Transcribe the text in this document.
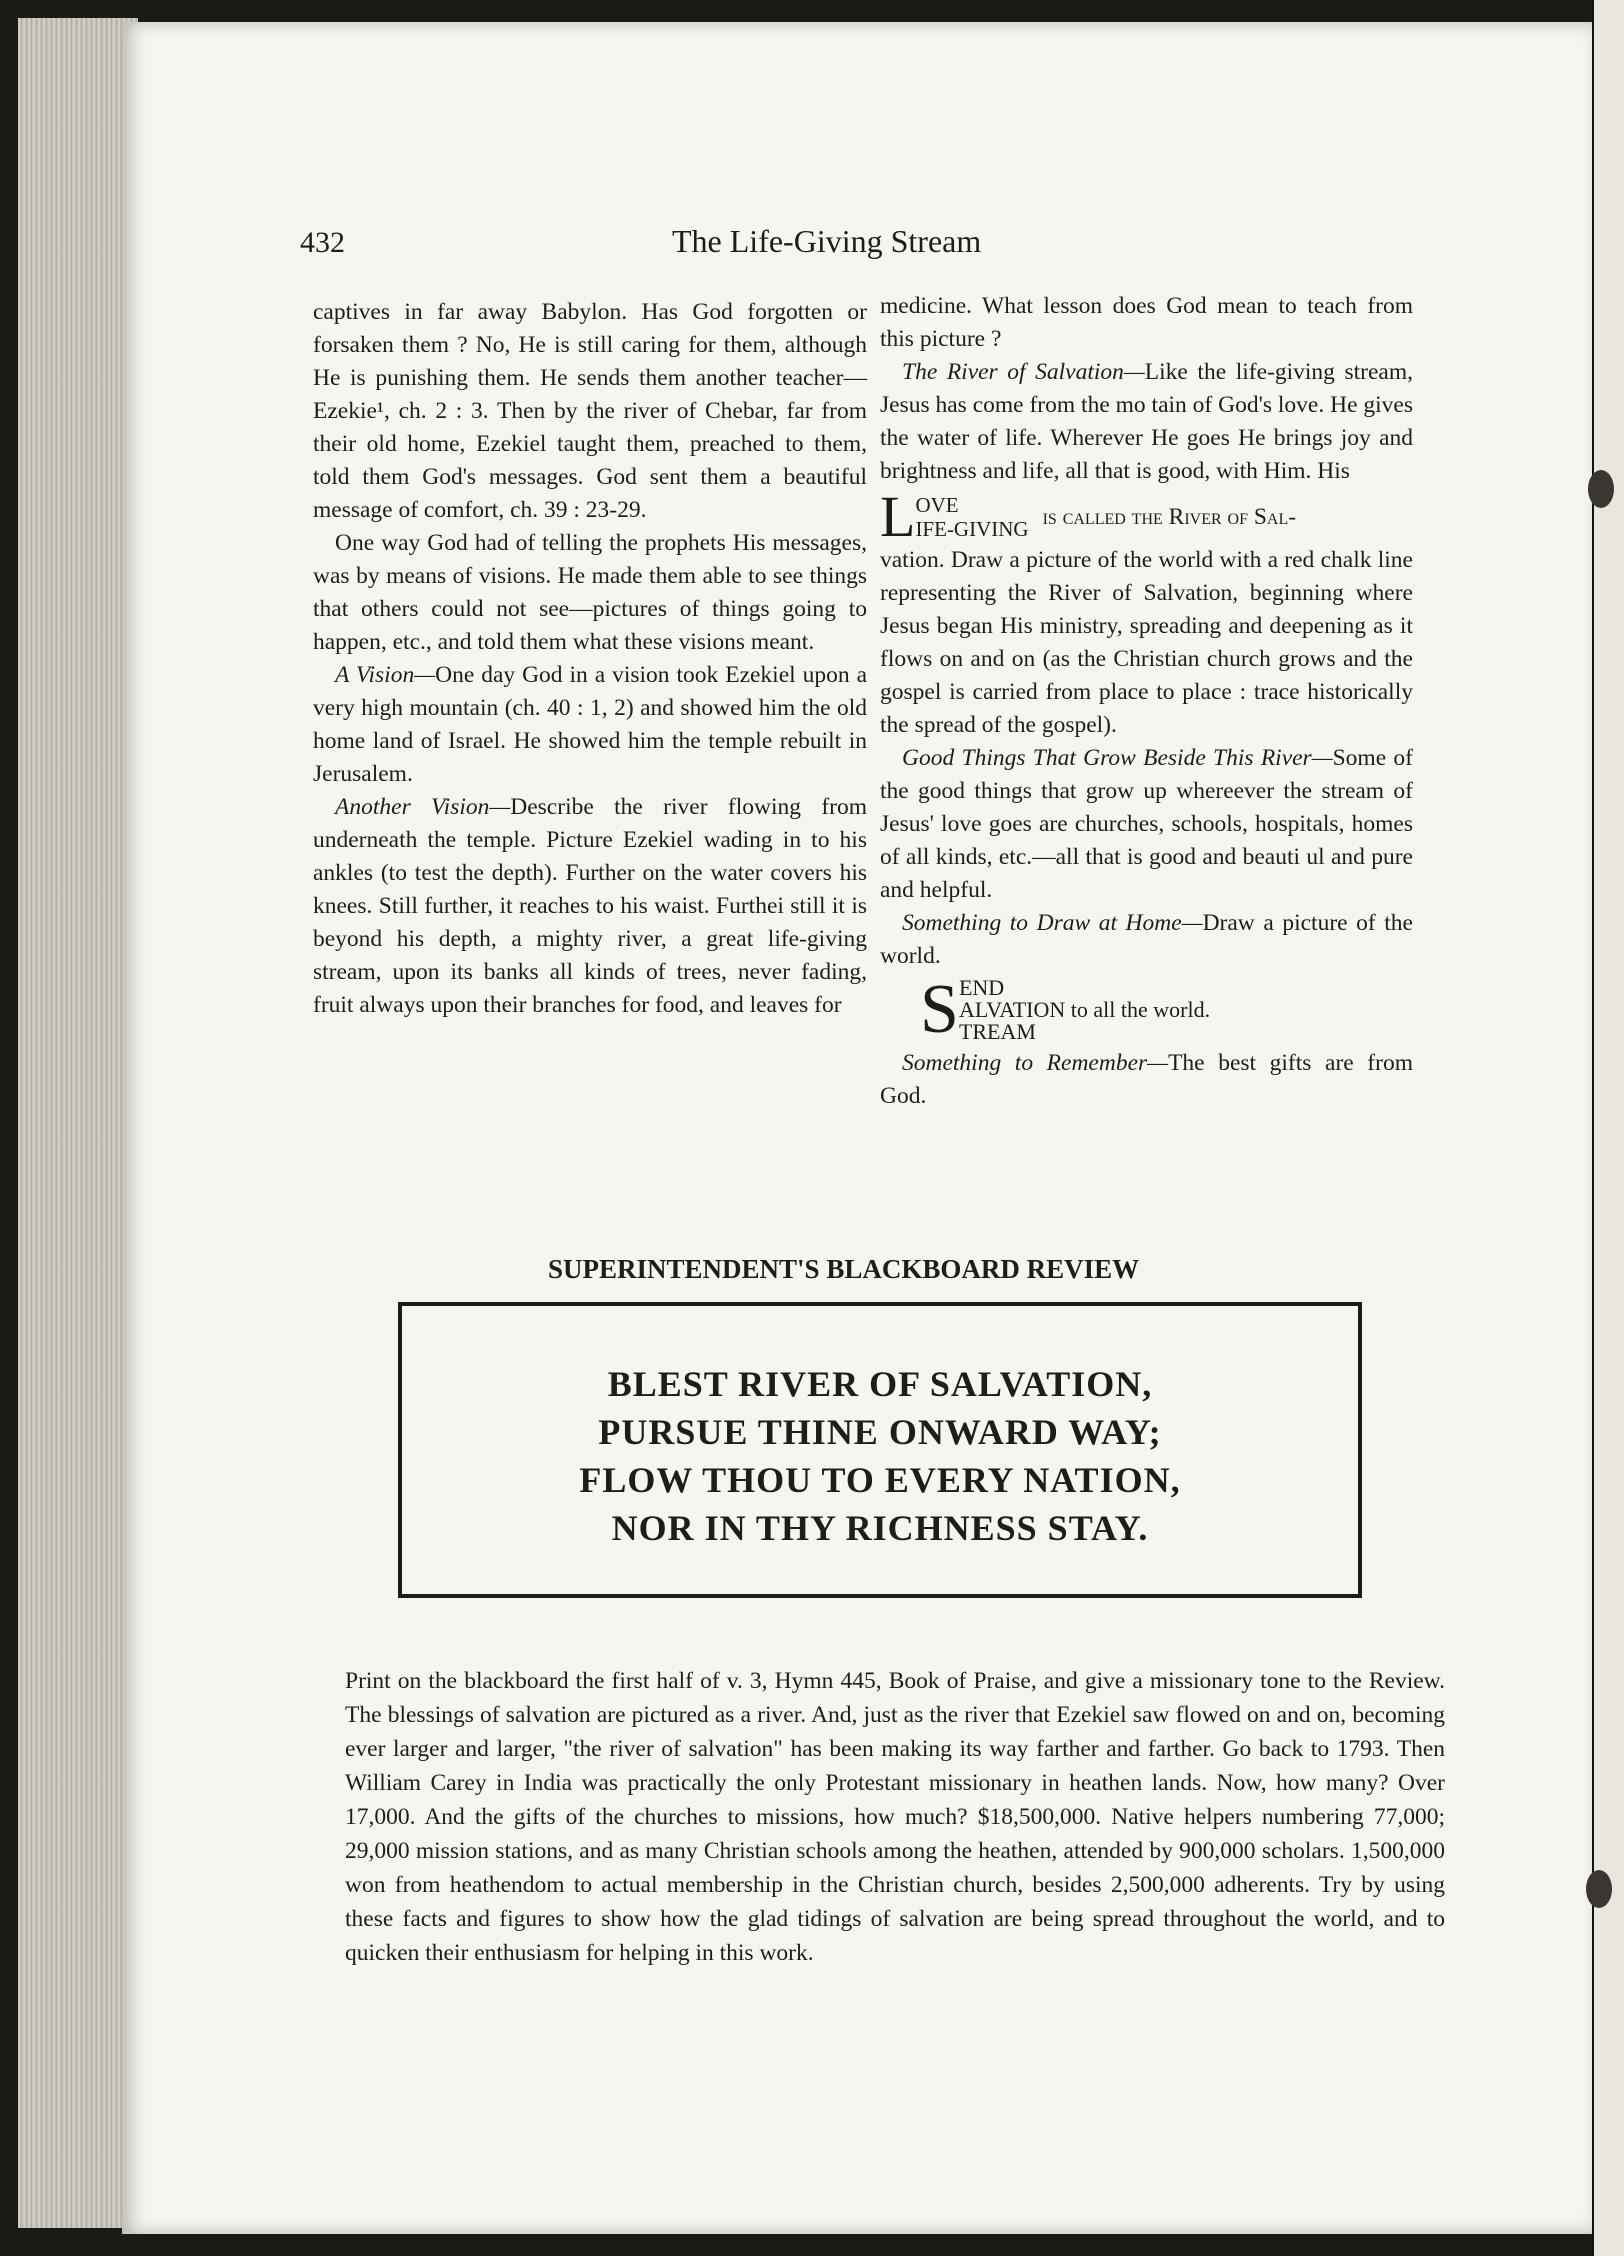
432	The Life-Giving Stream

captives in far away Babylon. Has God forgotten or forsaken them ? No, He is still caring for them, although He is punishing them. He sends them another teacher—Ezekie¹, ch. 2 : 3. Then by the river of Chebar, far from their old home, Ezekiel taught them, preached to them, told them God's messages. God sent them a beautiful message of comfort, ch. 39 : 23-29.

One way God had of telling the prophets His messages, was by means of visions. He made them able to see things that others could not see—pictures of things going to happen, etc., and told them what these visions meant.

A Vision—One day God in a vision took Ezekiel upon a very high mountain (ch. 40 : 1, 2) and showed him the old home land of Israel. He showed him the temple rebuilt in Jerusalem.

Another Vision—Describe the river flowing from underneath the temple. Picture Ezekiel wading in to his ankles (to test the depth). Further on the water covers his knees. Still further, it reaches to his waist. Furthei still it is beyond his depth, a mighty river, a great life-giving stream, upon its banks all kinds of trees, never fading, fruit always upon their branches for food, and leaves for

medicine. What lesson does God mean to teach from this picture ?

The River of Salvation—Like the life-giving stream, Jesus has come from the mo tain of God's love. He gives the water of life. Wherever He goes He brings joy and brightness and life, all that is good, with Him. His

L OVE
IFE-GIVING is called the River of Sal-

vation. Draw a picture of the world with a red chalk line representing the River of Salvation, beginning where Jesus began His ministry, spreading and deepening as it flows on and on (as the Christian church grows and the gospel is carried from place to place : trace historically the spread of the gospel).

Good Things That Grow Beside This River—Some of the good things that grow up whereever the stream of Jesus' love goes are churches, schools, hospitals, homes of all kinds, etc.—all that is good and beauti ul and pure and helpful.

Something to Draw at Home—Draw a picture of the world.

S END
ALVATION to all the world.
TREAM

Something to Remember—The best gifts are from God.

SUPERINTENDENT'S BLACKBOARD REVIEW
BLEST RIVER OF SALVATION,
PURSUE THINE ONWARD WAY;
FLOW THOU TO EVERY NATION,
NOR IN THY RICHNESS STAY.

Print on the blackboard the first half of v. 3, Hymn 445, Book of Praise, and give a missionary tone to the Review. The blessings of salvation are pictured as a river. And, just as the river that Ezekiel saw flowed on and on, becoming ever larger and larger, "the river of salvation" has been making its way farther and farther. Go back to 1793. Then William Carey in India was practically the only Protestant missionary in heathen lands. Now, how many? Over 17,000. And the gifts of the churches to missions, how much? $18,500,000. Native helpers numbering 77,000; 29,000 mission stations, and as many Christian schools among the heathen, attended by 900,000 scholars. 1,500,000 won from heathendom to actual membership in the Christian church, besides 2,500,000 adherents. Try by using these facts and figures to show how the glad tidings of salvation are being spread throughout the world, and to quicken their enthusiasm for helping in this work.
